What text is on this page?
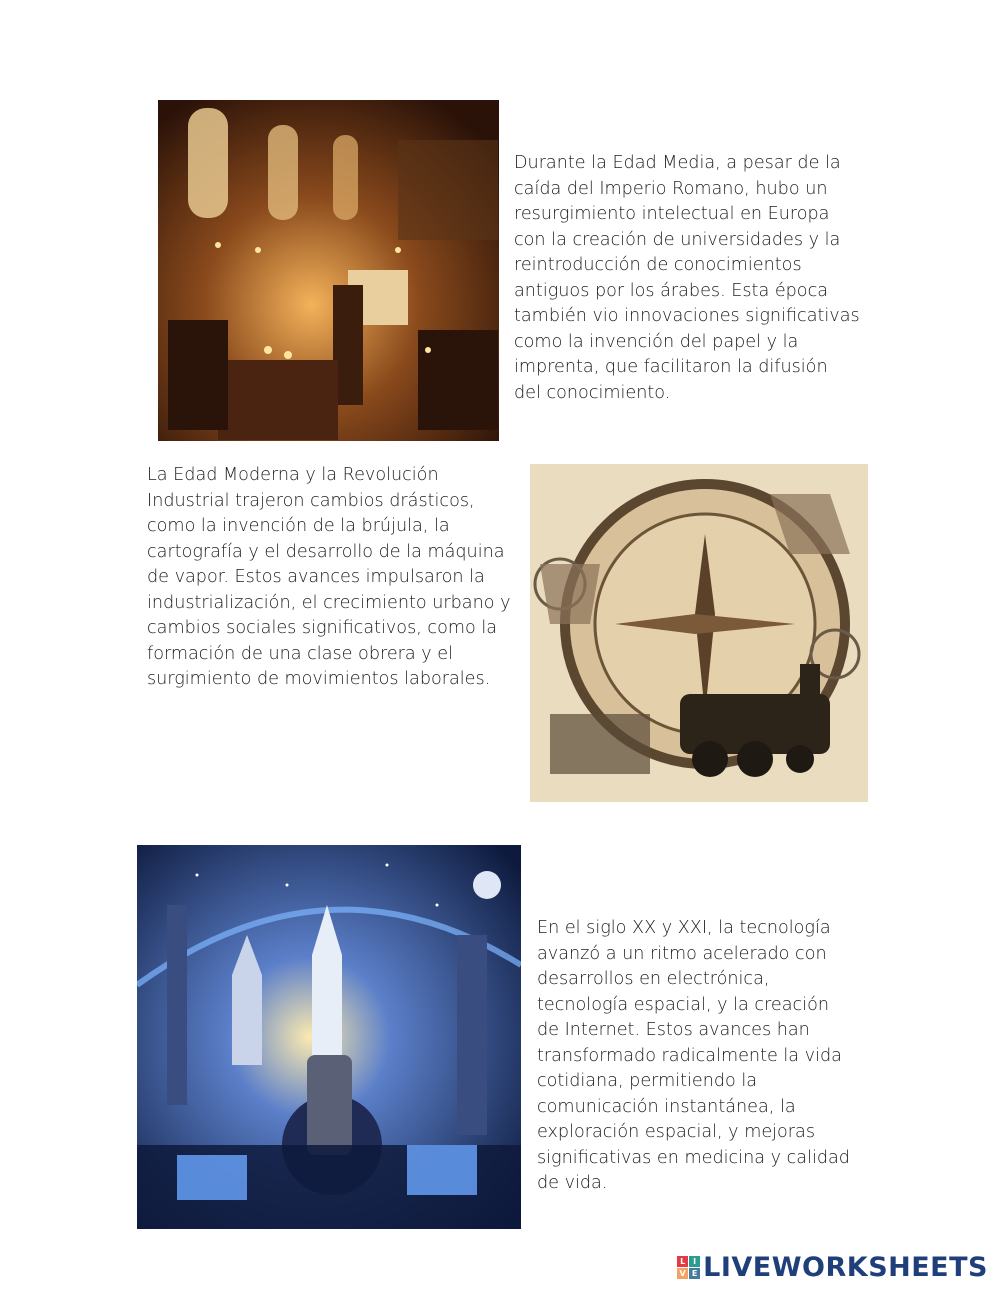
Durante la Edad Media, a pesar de la
caída del Imperio Romano, hubo un
resurgimiento intelectual en Europa
con la creación de universidades y la
reintroducción de conocimientos
antiguos por los árabes. Esta época
también vio innovaciones significativas
como la invención del papel y la
imprenta, que facilitaron la difusión
del conocimiento.
La Edad Moderna y la Revolución
Industrial trajeron cambios drásticos,
como la invención de la brújula, la
cartografía y el desarrollo de la máquina
de vapor. Estos avances impulsaron la
industrialización, el crecimiento urbano y
cambios sociales significativos, como la
formación de una clase obrera y el
surgimiento de movimientos laborales.
En el siglo XX y XXI, la tecnología
avanzó a un ritmo acelerado con
desarrollos en electrónica,
tecnología espacial, y la creación
de Internet. Estos avances han
transformado radicalmente la vida
cotidiana, permitiendo la
comunicación instantánea, la
exploración espacial, y mejoras
significativas en medicina y calidad
de vida.
L I
V E LIVEWORKSHEETS
